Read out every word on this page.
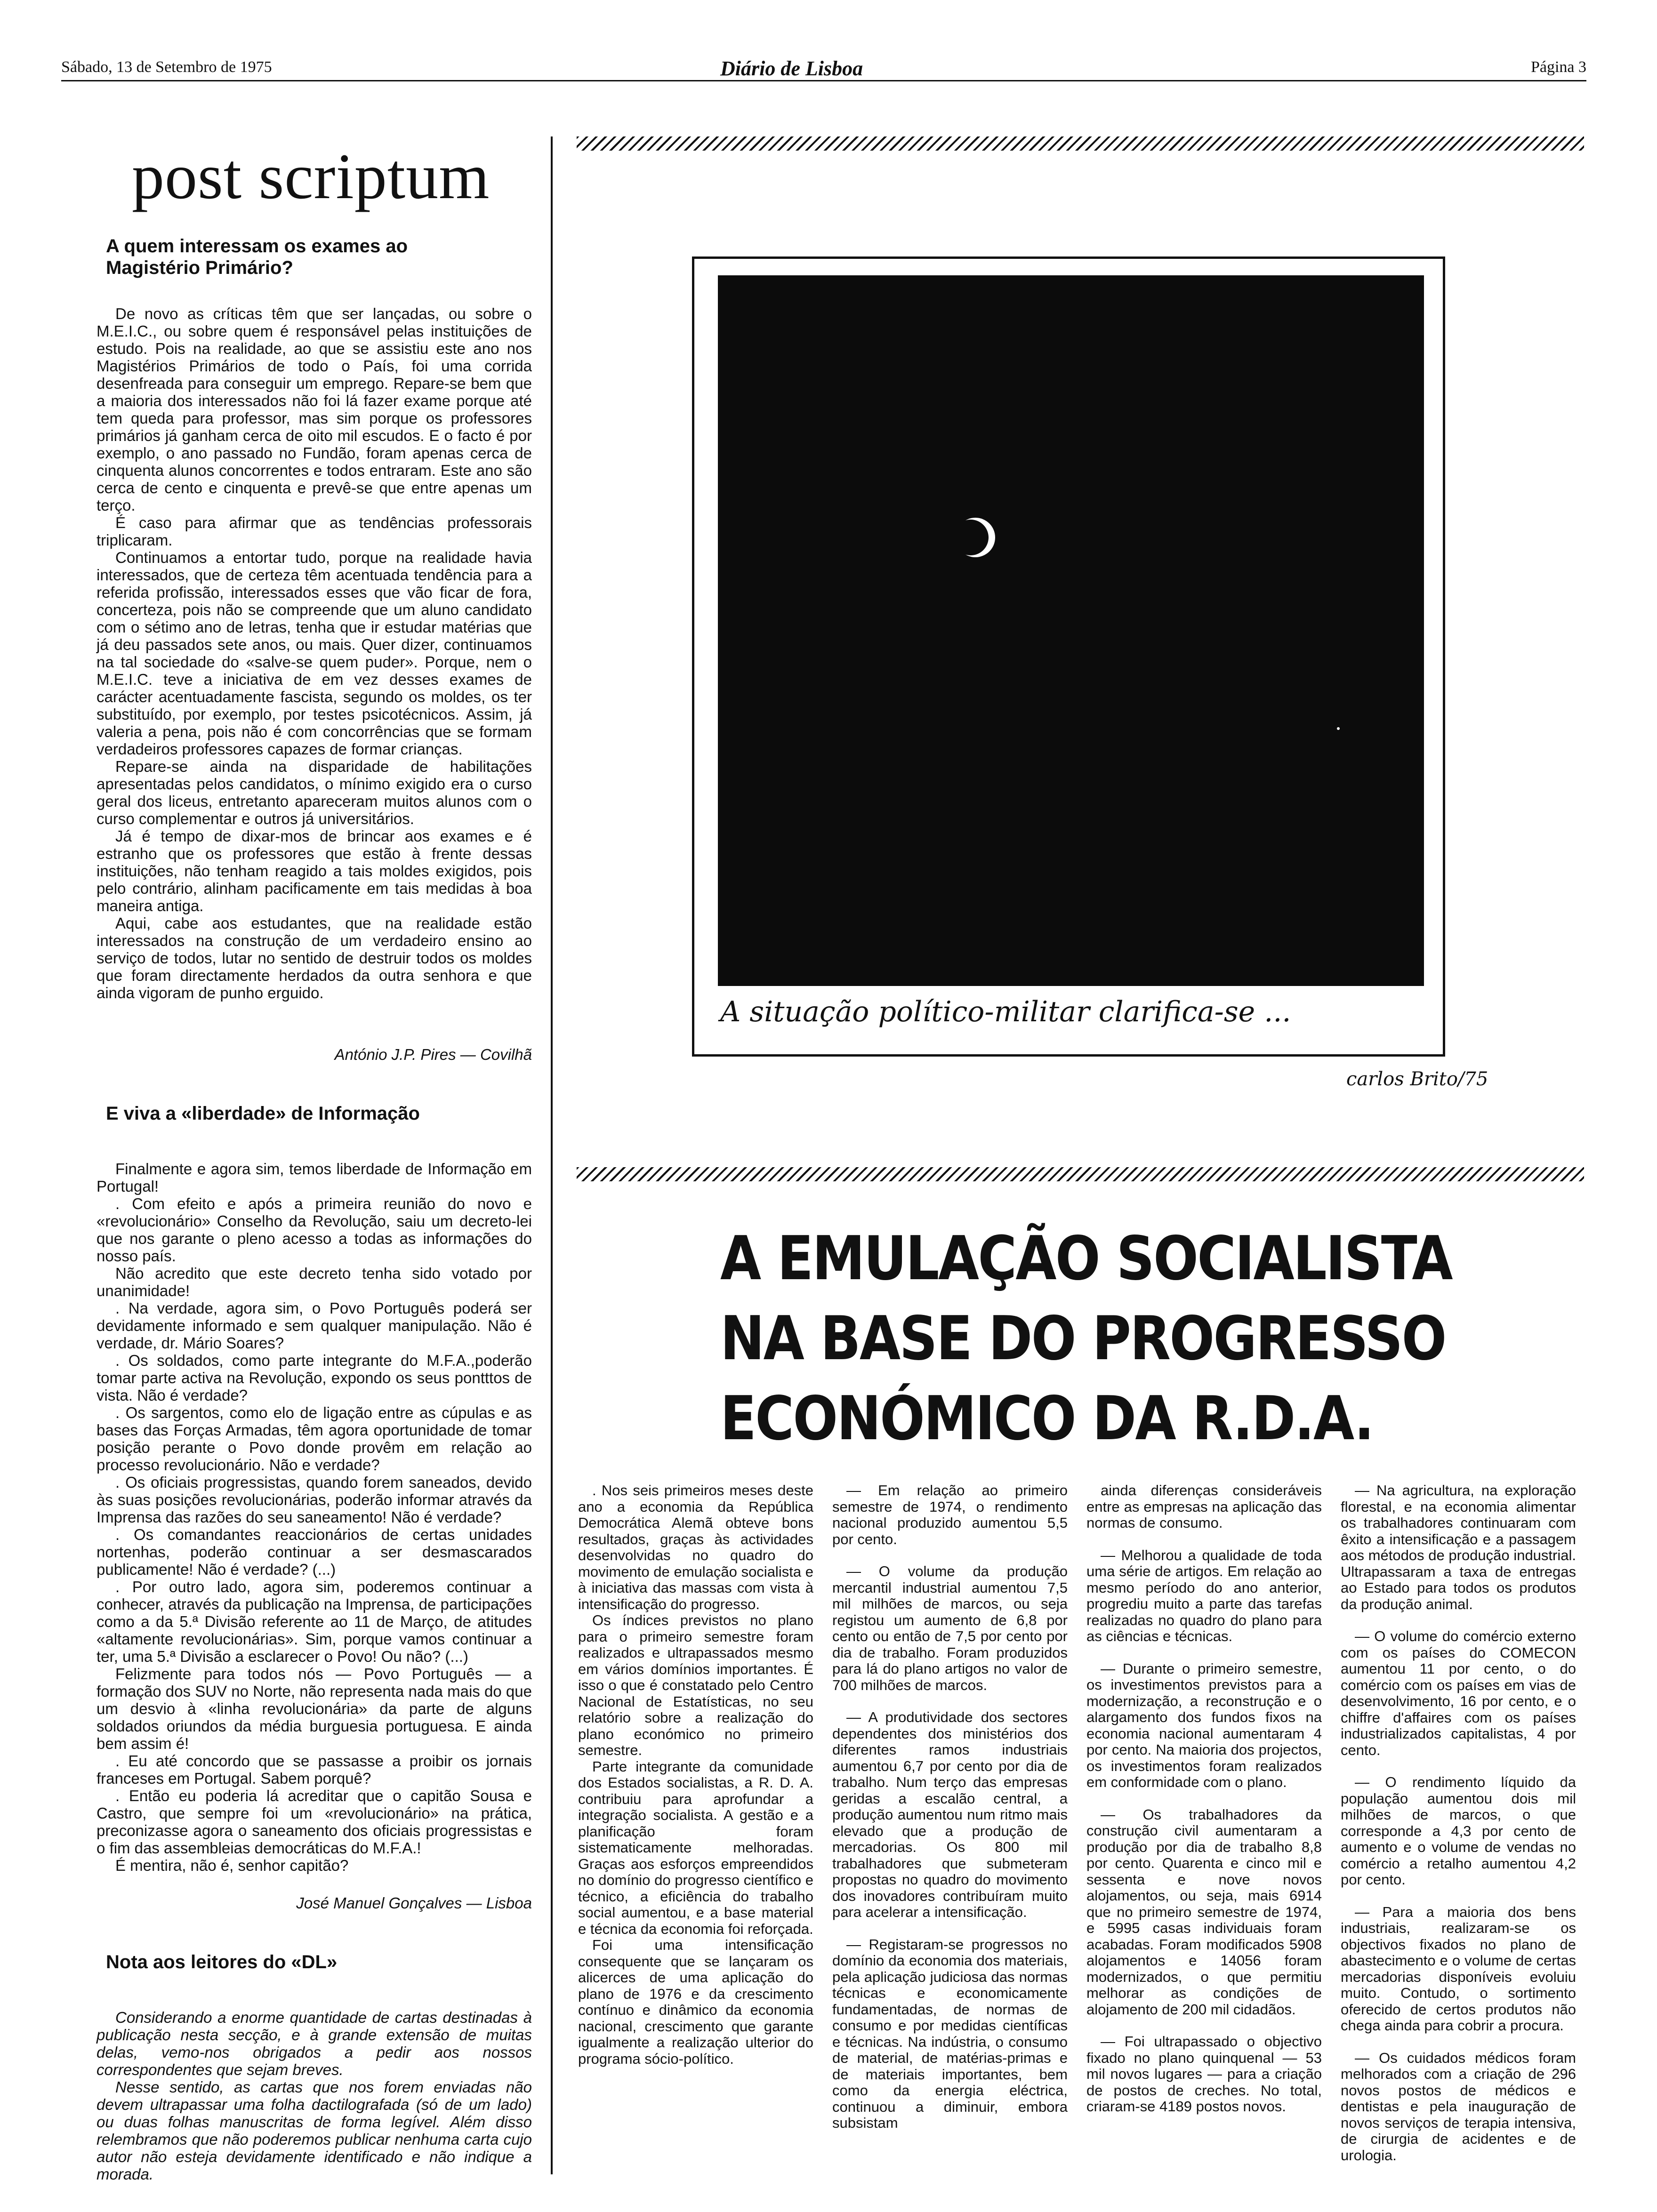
Sábado, 13 de Setembro de 1975	Diário de Lisboa	Página 3
post scriptum
A quem interessam os exames ao Magistério Primário?

De novo as críticas têm que ser lançadas, ou sobre o M.E.I.C., ou sobre quem é responsável pelas instituições de estudo. Pois na realidade, ao que se assistiu este ano nos Magistérios Primários de todo o País, foi uma corrida desenfreada para conseguir um emprego. Repare-se bem que a maioria dos interessados não foi lá fazer exame porque até tem queda para professor, mas sim porque os professores primários já ganham cerca de oito mil escudos. E o facto é por exemplo, o ano passado no Fundão, foram apenas cerca de cinquenta alunos concorrentes e todos entraram. Este ano são cerca de cento e cinquenta e prevê-se que entre apenas um terço.

É caso para afirmar que as tendências professorais triplicaram.

Continuamos a entortar tudo, porque na realidade havia interessados, que de certeza têm acentuada tendência para a referida profissão, interessados esses que vão ficar de fora, concerteza, pois não se compreende que um aluno candidato com o sétimo ano de letras, tenha que ir estudar matérias que já deu passados sete anos, ou mais. Quer dizer, continuamos na tal sociedade do «salve-se quem puder». Porque, nem o M.E.I.C. teve a iniciativa de em vez desses exames de carácter acentuadamente fascista, segundo os moldes, os ter substituído, por exemplo, por testes psicotécnicos. Assim, já valeria a pena, pois não é com concorrências que se formam verdadeiros professores capazes de formar crianças.

Repare-se ainda na disparidade de habilitações apresentadas pelos candidatos, o mínimo exigido era o curso geral dos liceus, entretanto apareceram muitos alunos com o curso complementar e outros já universitários.

Já é tempo de dixar-mos de brincar aos exames e é estranho que os professores que estão à frente dessas instituições, não tenham reagido a tais moldes exigidos, pois pelo contrário, alinham pacificamente em tais medidas à boa maneira antiga.

Aqui, cabe aos estudantes, que na realidade estão interessados na construção de um verdadeiro ensino ao serviço de todos, lutar no sentido de destruir todos os moldes que foram directamente herdados da outra senhora e que ainda vigoram de punho erguido.

António J.P. Pires — Covilhã
E viva a «liberdade» de Informação

Finalmente e agora sim, temos liberdade de Informação em Portugal!

. Com efeito e após a primeira reunião do novo e «revolucionário» Conselho da Revolução, saiu um decreto-lei que nos garante o pleno acesso a todas as informações do nosso país.

Não acredito que este decreto tenha sido votado por unanimidade!

. Na verdade, agora sim, o Povo Português poderá ser devidamente informado e sem qualquer manipulação. Não é verdade, dr. Mário Soares?

. Os soldados, como parte integrante do M.F.A.,poderão tomar parte activa na Revolução, expondo os seus pontttos de vista. Não é verdade?

. Os sargentos, como elo de ligação entre as cúpulas e as bases das Forças Armadas, têm agora oportunidade de tomar posição perante o Povo donde provêm em relação ao processo revolucionário. Não e verdade?

. Os oficiais progressistas, quando forem saneados, devido às suas posições revolucionárias, poderão informar através da Imprensa das razões do seu saneamento! Não é verdade?

. Os comandantes reaccionários de certas unidades nortenhas, poderão continuar a ser desmascarados publicamente! Não é verdade? (...)

. Por outro lado, agora sim, poderemos continuar a conhecer, através da publicação na Imprensa, de participações como a da 5.ª Divisão referente ao 11 de Março, de atitudes «altamente revolucionárias». Sim, porque vamos continuar a ter, uma 5.ª Divisão a esclarecer o Povo! Ou não? (...)

Felizmente para todos nós — Povo Português — a formação dos SUV no Norte, não representa nada mais do que um desvio à «linha revolucionária» da parte de alguns soldados oriundos da média burguesia portuguesa. E ainda bem assim é!

. Eu até concordo que se passasse a proibir os jornais franceses em Portugal. Sabem porquê?

. Então eu poderia lá acreditar que o capitão Sousa e Castro, que sempre foi um «revolucionário» na prática, preconizasse agora o saneamento dos oficiais progressistas e o fim das assembleias democráticas do M.F.A.!

É mentira, não é, senhor capitão?

José Manuel Gonçalves — Lisboa
Nota aos leitores do «DL»

Considerando a enorme quantidade de cartas destinadas à publicação nesta secção, e à grande extensão de muitas delas, vemo-nos obrigados a pedir aos nossos correspondentes que sejam breves.

Nesse sentido, as cartas que nos forem enviadas não devem ultrapassar uma folha dactilografada (só de um lado) ou duas folhas manuscritas de forma legível. Além disso relembramos que não poderemos publicar nenhuma carta cujo autor não esteja devidamente identificado e não indique a morada.

A situação político-militar clarifica-se ...
carlos Brito/75
A EMULAÇÃO SOCIALISTA
NA BASE DO PROGRESSO
ECONÓMICO DA R.D.A.

. Nos seis primeiros meses deste ano a economia da República Democrática Alemã obteve bons resultados, graças às actividades desenvolvidas no quadro do movimento de emulação socialista e à iniciativa das massas com vista à intensificação do progresso.

Os índices previstos no plano para o primeiro semestre foram realizados e ultrapassados mesmo em vários domínios importantes. É isso o que é constatado pelo Centro Nacional de Estatísticas, no seu relatório sobre a realização do plano económico no primeiro semestre.

Parte integrante da comunidade dos Estados socialistas, a R. D. A. contribuiu para aprofundar a integração socialista. A gestão e a planificação foram sistematicamente melhoradas. Graças aos esforços empreendidos no domínio do progresso científico e técnico, a eficiência do trabalho social aumentou, e a base material e técnica da economia foi reforçada.

Foi uma intensificação consequente que se lançaram os alicerces de uma aplicação do plano de 1976 e da crescimento contínuo e dinâmico da economia nacional, crescimento que garante igualmente a realização ulterior do programa sócio-político.

— Em relação ao primeiro semestre de 1974, o rendimento nacional produzido aumentou 5,5 por cento.

— O volume da produção mercantil industrial aumentou 7,5 mil milhões de marcos, ou seja registou um aumento de 6,8 por cento ou então de 7,5 por cento por dia de trabalho. Foram produzidos para lá do plano artigos no valor de 700 milhões de marcos.

— A produtividade dos sectores dependentes dos ministérios dos diferentes ramos industriais aumentou 6,7 por cento por dia de trabalho. Num terço das empresas geridas a escalão central, a produção aumentou num ritmo mais elevado que a produção de mercadorias. Os 800 mil trabalhadores que submeteram propostas no quadro do movimento dos inovadores contribuíram muito para acelerar a intensificação.

— Registaram-se progressos no domínio da economia dos materiais, pela aplicação judiciosa das normas técnicas e economicamente fundamentadas, de normas de consumo e por medidas científicas e técnicas. Na indústria, o consumo de material, de matérias-primas e de materiais importantes, bem como da energia eléctrica, continuou a diminuir, embora subsistam

ainda diferenças consideráveis entre as empresas na aplicação das normas de consumo.

— Melhorou a qualidade de toda uma série de artigos. Em relação ao mesmo período do ano anterior, progrediu muito a parte das tarefas realizadas no quadro do plano para as ciências e técnicas.

— Durante o primeiro semestre, os investimentos previstos para a modernização, a reconstrução e o alargamento dos fundos fixos na economia nacional aumentaram 4 por cento. Na maioria dos projectos, os investimentos foram realizados em conformidade com o plano.

— Os trabalhadores da construção civil aumentaram a produção por dia de trabalho 8,8 por cento. Quarenta e cinco mil e sessenta e nove novos alojamentos, ou seja, mais 6914 que no primeiro semestre de 1974, e 5995 casas individuais foram acabadas. Foram modificados 5908 alojamentos e 14056 foram modernizados, o que permitiu melhorar as condições de alojamento de 200 mil cidadãos.

— Foi ultrapassado o objectivo fixado no plano quinquenal — 53 mil novos lugares — para a criação de postos de creches. No total, criaram-se 4189 postos novos.

— Na agricultura, na exploração florestal, e na economia alimentar os trabalhadores continuaram com êxito a intensificação e a passagem aos métodos de produção industrial. Ultrapassaram a taxa de entregas ao Estado para todos os produtos da produção animal.

— O volume do comércio externo com os países do COMECON aumentou 11 por cento, o do comércio com os países em vias de desenvolvimento, 16 por cento, e o chiffre d'affaires com os países industrializados capitalistas, 4 por cento.

— O rendimento líquido da população aumentou dois mil milhões de marcos, o que corresponde a 4,3 por cento de aumento e o volume de vendas no comércio a retalho aumentou 4,2 por cento.

— Para a maioria dos bens industriais, realizaram-se os objectivos fixados no plano de abastecimento e o volume de certas mercadorias disponíveis evoluiu muito. Contudo, o sortimento oferecido de certos produtos não chega ainda para cobrir a procura.

— Os cuidados médicos foram melhorados com a criação de 296 novos postos de médicos e dentistas e pela inauguração de novos serviços de terapia intensiva, de cirurgia de acidentes e de urologia.
